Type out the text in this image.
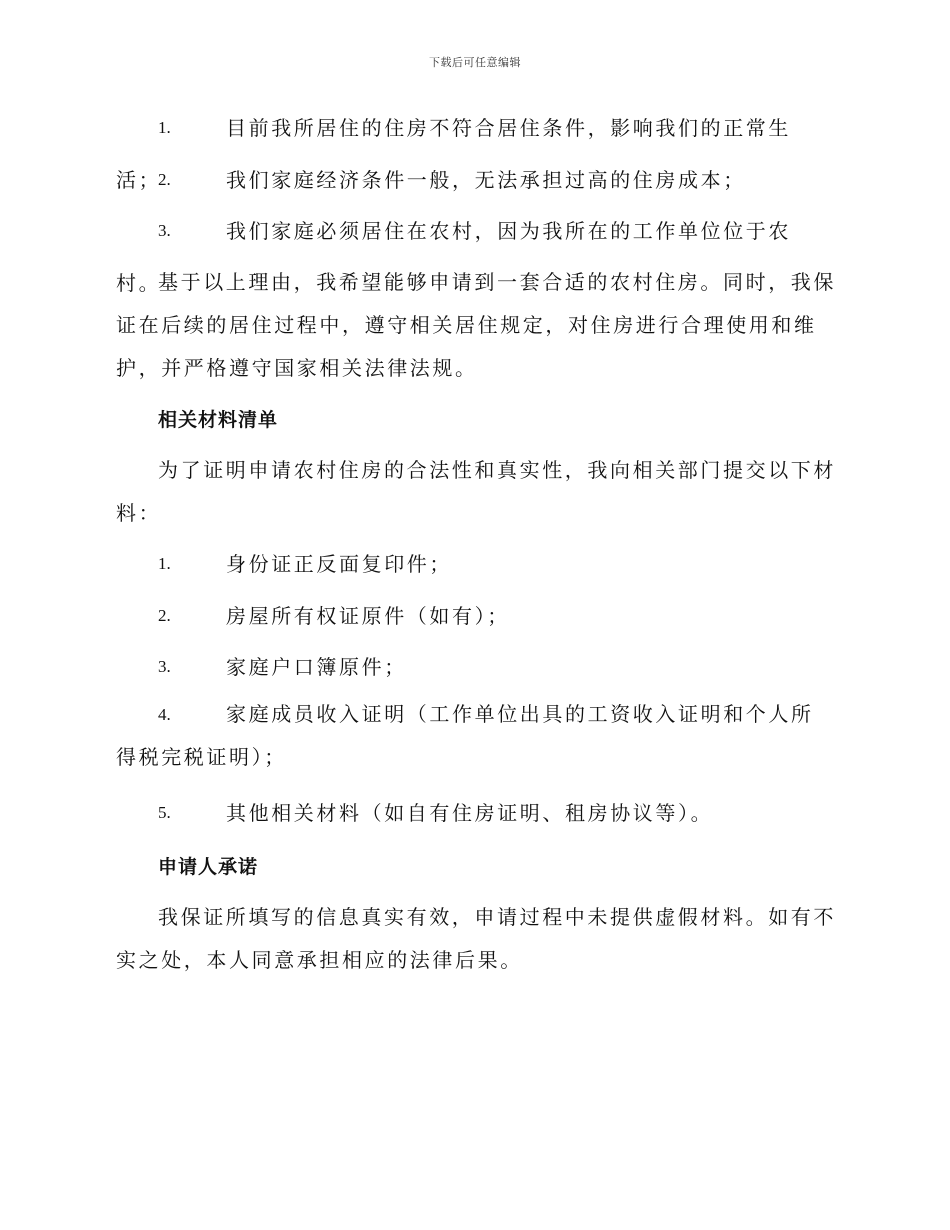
下载后可任意编辑
1.	目前我所居住的住房不符合居住条件，影响我们的正常生活；
2.	我们家庭经济条件一般，无法承担过高的住房成本；
3.	我们家庭必须居住在农村，因为我所在的工作单位位于农村。

基于以上理由，我希望能够申请到一套合适的农村住房。同时，我保证在后续的居住过程中，遵守相关居住规定，对住房进行合理使用和维护，并严格遵守国家相关法律法规。

相关材料清单

为了证明申请农村住房的合法性和真实性，我向相关部门提交以下材料：

1.	身份证正反面复印件；
2.	房屋所有权证原件（如有）；
3.	家庭户口簿原件；
4.	家庭成员收入证明（工作单位出具的工资收入证明和个人所得税完税证明）；
5.	其他相关材料（如自有住房证明、租房协议等）。
申请人承诺

我保证所填写的信息真实有效，申请过程中未提供虚假材料。如有不实之处，本人同意承担相应的法律后果。
